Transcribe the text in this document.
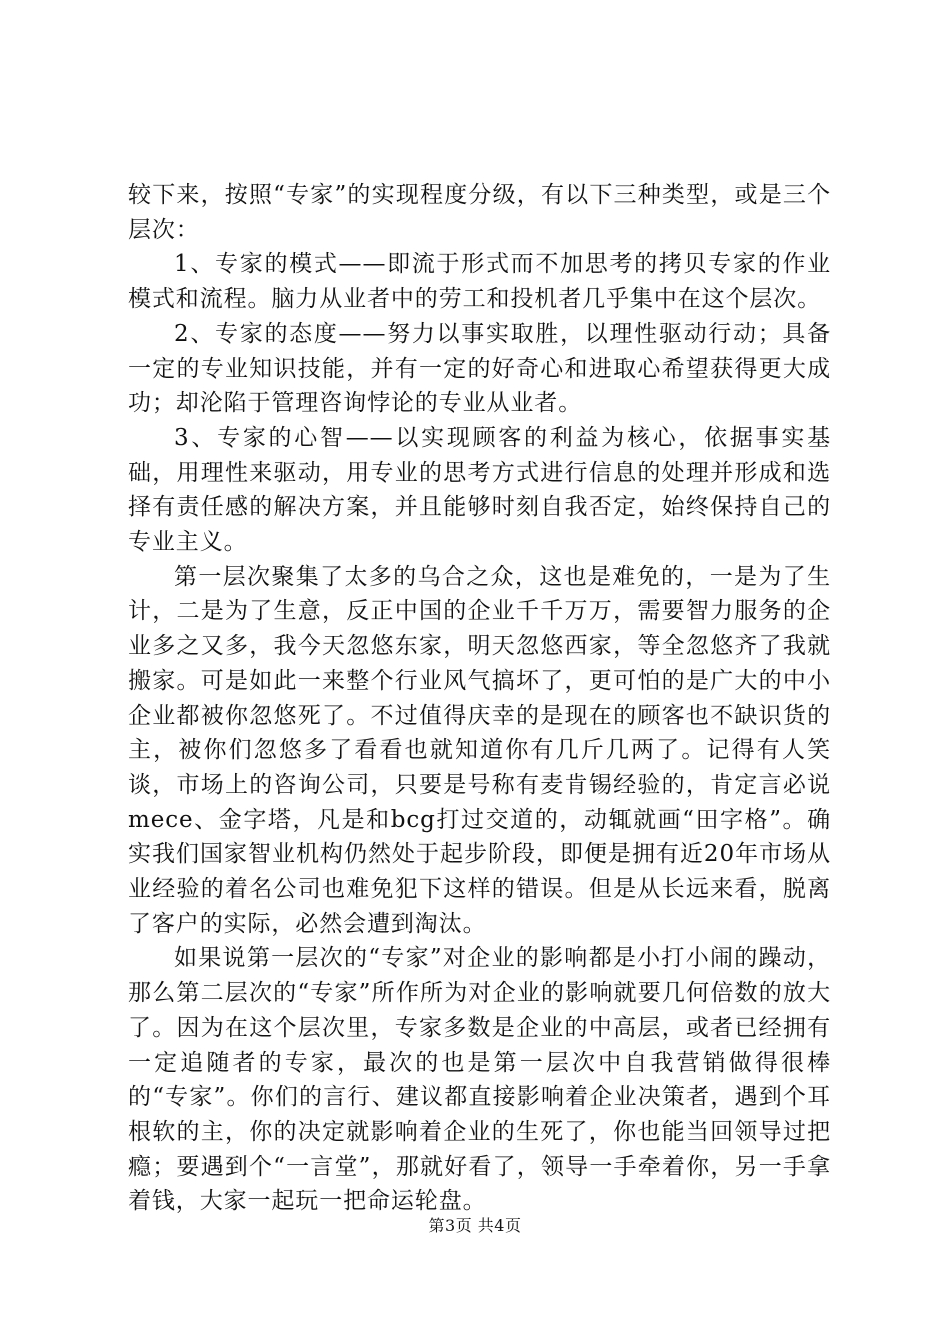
较下来，按照“专家”的实现程度分级，有以下三种类型，或是三个层次：

1、专家的模式——即流于形式而不加思考的拷贝专家的作业模式和流程。脑力从业者中的劳工和投机者几乎集中在这个层次。

2、专家的态度——努力以事实取胜，以理性驱动行动；具备一定的专业知识技能，并有一定的好奇心和进取心希望获得更大成功；却沦陷于管理咨询悖论的专业从业者。

3、专家的心智——以实现顾客的利益为核心，依据事实基础，用理性来驱动，用专业的思考方式进行信息的处理并形成和选择有责任感的解决方案，并且能够时刻自我否定，始终保持自己的专业主义。

第一层次聚集了太多的乌合之众，这也是难免的，一是为了生计，二是为了生意，反正中国的企业千千万万，需要智力服务的企业多之又多，我今天忽悠东家，明天忽悠西家，等全忽悠齐了我就搬家。可是如此一来整个行业风气搞坏了，更可怕的是广大的中小企业都被你忽悠死了。不过值得庆幸的是现在的顾客也不缺识货的主，被你们忽悠多了看看也就知道你有几斤几两了。记得有人笑谈，市场上的咨询公司，只要是号称有麦肯锡经验的，肯定言必说mece、金字塔，凡是和bcg打过交道的，动辄就画“田字格”。确实我们国家智业机构仍然处于起步阶段，即便是拥有近20年市场从业经验的着名公司也难免犯下这样的错误。但是从长远来看，脱离了客户的实际，必然会遭到淘汰。

如果说第一层次的“专家”对企业的影响都是小打小闹的躁动，那么第二层次的“专家”所作所为对企业的影响就要几何倍数的放大了。因为在这个层次里，专家多数是企业的中高层，或者已经拥有一定追随者的专家，最次的也是第一层次中自我营销做得很棒的“专家”。你们的言行、建议都直接影响着企业决策者，遇到个耳根软的主，你的决定就影响着企业的生死了，你也能当回领导过把瘾；要遇到个“一言堂”，那就好看了，领导一手牵着你，另一手拿着钱，大家一起玩一把命运轮盘。

第3页 共4页
